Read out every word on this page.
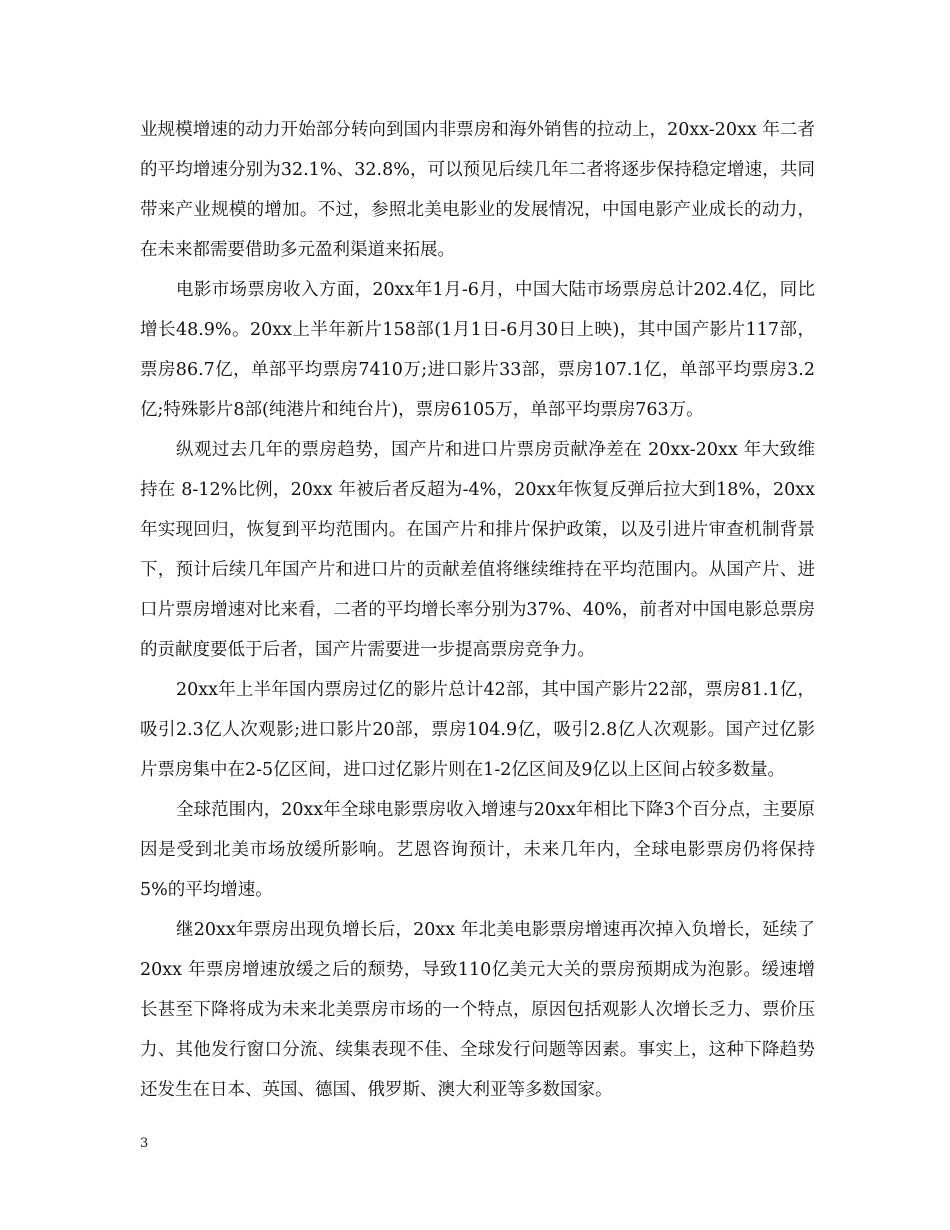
业规模增速的动力开始部分转向到国内非票房和海外销售的拉动上，20xx-20xx 年二者的平均增速分别为32.1%、32.8%，可以预见后续几年二者将逐步保持稳定增速，共同带来产业规模的增加。不过，参照北美电影业的发展情况，中国电影产业成长的动力，在未来都需要借助多元盈利渠道来拓展。

电影市场票房收入方面，20xx年1月-6月，中国大陆市场票房总计202.4亿，同比增长48.9%。20xx上半年新片158部(1月1日-6月30日上映)，其中国产影片117部，票房86.7亿，单部平均票房7410万;进口影片33部，票房107.1亿，单部平均票房3.2亿;特殊影片8部(纯港片和纯台片)，票房6105万，单部平均票房763万。

纵观过去几年的票房趋势，国产片和进口片票房贡献净差在 20xx-20xx 年大致维持在 8-12%比例，20xx 年被后者反超为-4%，20xx年恢复反弹后拉大到18%，20xx 年实现回归，恢复到平均范围内。在国产片和排片保护政策，以及引进片审查机制背景下，预计后续几年国产片和进口片的贡献差值将继续维持在平均范围内。从国产片、进口片票房增速对比来看，二者的平均增长率分别为37%、40%，前者对中国电影总票房的贡献度要低于后者，国产片需要进一步提高票房竞争力。

20xx年上半年国内票房过亿的影片总计42部，其中国产影片22部，票房81.1亿，吸引2.3亿人次观影;进口影片20部，票房104.9亿，吸引2.8亿人次观影。国产过亿影片票房集中在2-5亿区间，进口过亿影片则在1-2亿区间及9亿以上区间占较多数量。

全球范围内，20xx年全球电影票房收入增速与20xx年相比下降3个百分点，主要原因是受到北美市场放缓所影响。艺恩咨询预计，未来几年内，全球电影票房仍将保持5%的平均增速。

继20xx年票房出现负增长后，20xx 年北美电影票房增速再次掉入负增长，延续了20xx 年票房增速放缓之后的颓势，导致110亿美元大关的票房预期成为泡影。缓速增长甚至下降将成为未来北美票房市场的一个特点，原因包括观影人次增长乏力、票价压力、其他发行窗口分流、续集表现不佳、全球发行问题等因素。事实上，这种下降趋势还发生在日本、英国、德国、俄罗斯、澳大利亚等多数国家。

3
